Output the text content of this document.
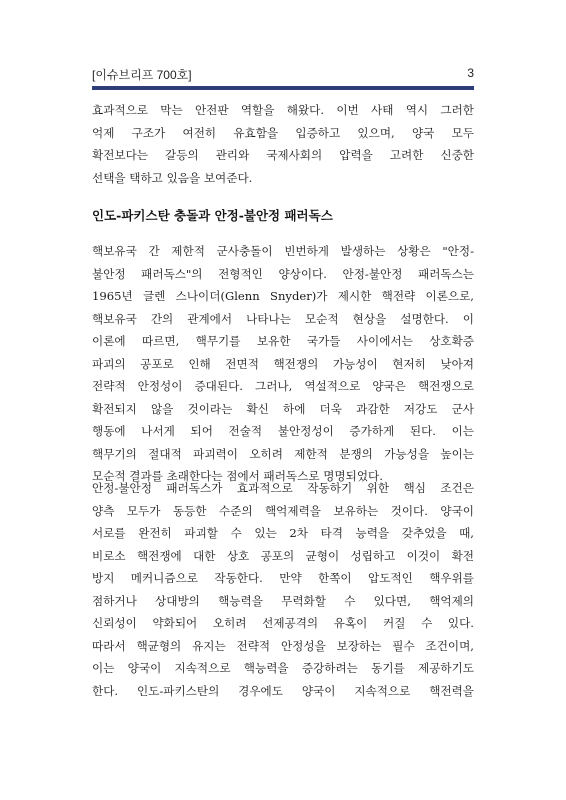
[이슈브리프 700호]	3
효과적으로 막는 안전판 역할을 해왔다. 이번 사태 역시 그러한
억제 구조가 여전히 유효함을 입증하고 있으며, 양국 모두
확전보다는 갈등의 관리와 국제사회의 압력을 고려한 신중한
선택을 택하고 있음을 보여준다.
인도-파키스탄 충돌과 안정-불안정 패러독스
핵보유국 간 제한적 군사충돌이 빈번하게 발생하는 상황은 "안정-
불안정 패러독스"의 전형적인 양상이다. 안정-불안정 패러독스는
1965년 글렌 스나이더(Glenn Snyder)가 제시한 핵전략 이론으로,
핵보유국 간의 관계에서 나타나는 모순적 현상을 설명한다. 이
이론에 따르면, 핵무기를 보유한 국가들 사이에서는 상호확증
파괴의 공포로 인해 전면적 핵전쟁의 가능성이 현저히 낮아져
전략적 안정성이 증대된다. 그러나, 역설적으로 양국은 핵전쟁으로
확전되지 않을 것이라는 확신 하에 더욱 과감한 저강도 군사
행동에 나서게 되어 전술적 불안정성이 증가하게 된다. 이는
핵무기의 절대적 파괴력이 오히려 제한적 분쟁의 가능성을 높이는
모순적 결과를 초래한다는 점에서 패러독스로 명명되었다.
안정-불안정 패러독스가 효과적으로 작동하기 위한 핵심 조건은
양측 모두가 동등한 수준의 핵억제력을 보유하는 것이다. 양국이
서로를 완전히 파괴할 수 있는 2차 타격 능력을 갖추었을 때,
비로소 핵전쟁에 대한 상호 공포의 균형이 성립하고 이것이 확전
방지 메커니즘으로 작동한다. 만약 한쪽이 압도적인 핵우위를
점하거나 상대방의 핵능력을 무력화할 수 있다면, 핵억제의
신뢰성이 약화되어 오히려 선제공격의 유혹이 커질 수 있다.
따라서 핵균형의 유지는 전략적 안정성을 보장하는 필수 조건이며,
이는 양국이 지속적으로 핵능력을 증강하려는 동기를 제공하기도
한다. 인도-파키스탄의 경우에도 양국이 지속적으로 핵전력을
